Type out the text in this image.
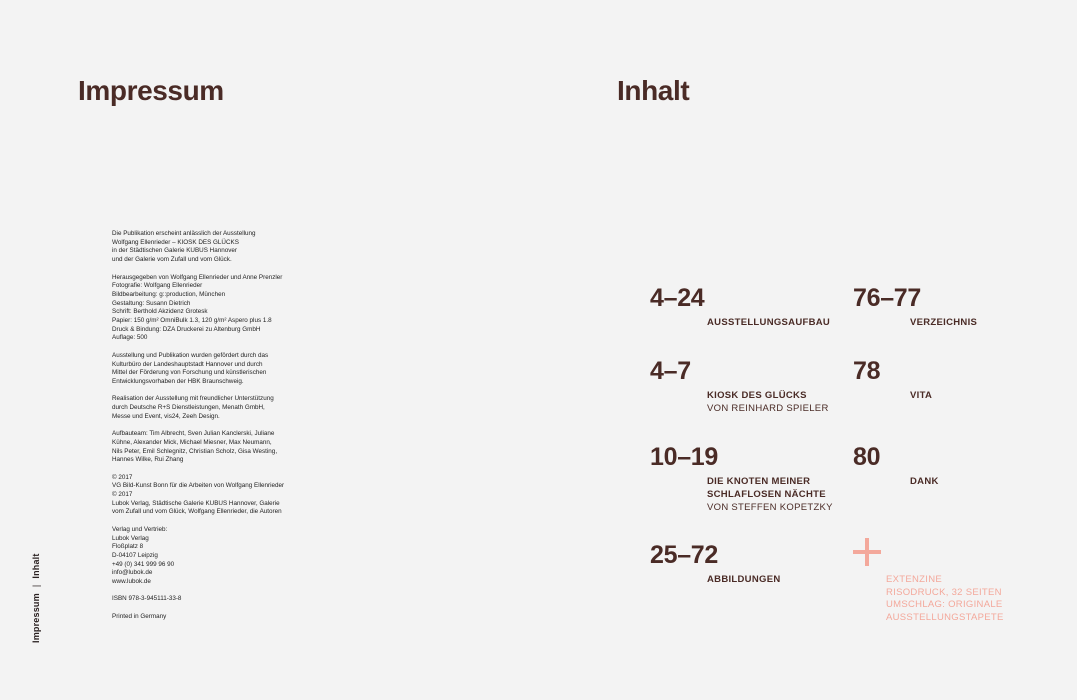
Impressum	Inhalt
Impressum|Inhalt
Die Publikation erscheint anlässlich der Ausstellung
Wolfgang Ellenrieder – KIOSK DES GLÜCKS
in der Städtischen Galerie KUBUS Hannover
und der Galerie vom Zufall und vom Glück.
Herausgegeben von Wolfgang Ellenrieder und Anne Prenzler
Fotografie: Wolfgang Ellenrieder
Bildbearbeitung: g::production, München
Gestaltung: Susann Dietrich
Schrift: Berthold Akzidenz Grotesk
Papier: 150 g/m² OmniBulk 1.3, 120 g/m² Aspero plus 1.8
Druck & Bindung: DZA Druckerei zu Altenburg GmbH
Auflage: 500
Ausstellung und Publikation wurden gefördert durch das
Kulturbüro der Landeshauptstadt Hannover und durch
Mittel der Förderung von Forschung und künstlerischen
Entwicklungsvorhaben der HBK Braunschweig.
Realisation der Ausstellung mit freundlicher Unterstützung
durch Deutsche R+S Dienstleistungen, Menath GmbH,
Messe und Event, vis24, Zeeh Design.
Aufbauteam: Tim Albrecht, Sven Julian Kanclerski, Juliane
Kühne, Alexander Mick, Michael Miesner, Max Neumann,
Nils Peter, Emil Schlegnitz, Christian Scholz, Gisa Westing,
Hannes Wilke, Rui Zhang
© 2017
VG Bild-Kunst Bonn für die Arbeiten von Wolfgang Ellenrieder
© 2017
Lubok Verlag, Städtische Galerie KUBUS Hannover, Galerie
vom Zufall und vom Glück, Wolfgang Ellenrieder, die Autoren
Verlag und Vertrieb:
Lubok Verlag
Floßplatz 8
D-04107 Leipzig
+49 (0) 341 999 96 90
info@lubok.de
www.lubok.de
ISBN 978-3-945111-33-8
Printed in Germany
4–24
AUSSTELLUNGSAUFBAU
4–7
KIOSK DES GLÜCKS
VON REINHARD SPIELER
10–19
DIE KNOTEN MEINER
SCHLAFLOSEN NÄCHTE
VON STEFFEN KOPETZKY
25–72
ABBILDUNGEN
76–77
VERZEICHNIS
78
VITA
80
DANK
EXTENZINE
RISODRUCK, 32 SEITEN
UMSCHLAG: ORIGINALE
AUSSTELLUNGSTAPETE
